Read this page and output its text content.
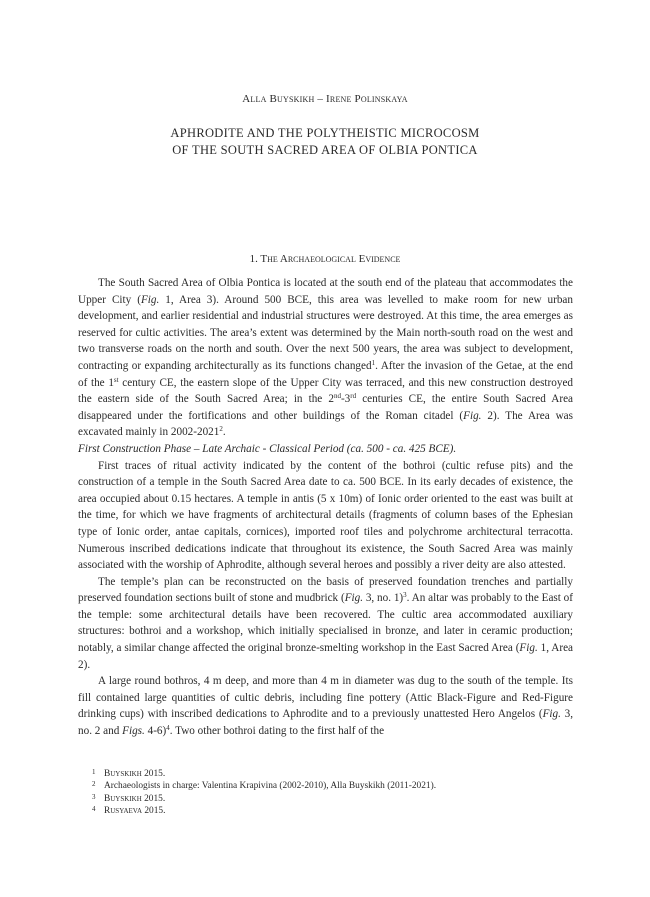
Alla Buyskikh – Irene Polinskaya
APHRODITE AND THE POLYTHEISTIC MICROCOSM
OF THE SOUTH SACRED AREA OF OLBIA PONTICA
1. The Archaeological Evidence

The South Sacred Area of Olbia Pontica is located at the south end of the plateau that accommodates the Upper City (Fig. 1, Area 3). Around 500 BCE, this area was levelled to make room for new urban development, and earlier residential and industrial structures were destroyed. At this time, the area emerges as reserved for cultic activities. The area’s extent was determined by the Main north-south road on the west and two transverse roads on the north and south. Over the next 500 years, the area was subject to development, contracting or expanding architecturally as its functions changed$^1$. After the invasion of the Getae, at the end of the 1st century CE, the eastern slope of the Upper City was terraced, and this new construction destroyed the eastern side of the South Sacred Area; in the 2nd-3rd centuries CE, the entire South Sacred Area disappeared under the fortifications and other buildings of the Roman citadel (Fig. 2). The Area was excavated mainly in 2002-2021$^2$.

First Construction Phase – Late Archaic - Classical Period (ca. 500 - ca. 425 BCE).

First traces of ritual activity indicated by the content of the bothroi (cultic refuse pits) and the construction of a temple in the South Sacred Area date to ca. 500 BCE. In its early decades of existence, the area occupied about 0.15 hectares. A temple in antis (5 x 10m) of Ionic order oriented to the east was built at the time, for which we have fragments of architectural details (fragments of column bases of the Ephesian type of Ionic order, antae capitals, cornices), imported roof tiles and polychrome architectural terracotta. Numerous inscribed dedications indicate that throughout its existence, the South Sacred Area was mainly associated with the worship of Aphrodite, although several heroes and possibly a river deity are also attested.

The temple’s plan can be reconstructed on the basis of preserved foundation trenches and partially preserved foundation sections built of stone and mudbrick (Fig. 3, no. 1)$^3$. An altar was probably to the East of the temple: some architectural details have been recovered. The cultic area accommodated auxiliary structures: bothroi and a workshop, which initially specialised in bronze, and later in ceramic production; notably, a similar change affected the original bronze-smelting workshop in the East Sacred Area (Fig. 1, Area 2).

A large round bothros, 4 m deep, and more than 4 m in diameter was dug to the south of the temple. Its fill contained large quantities of cultic debris, including fine pottery (Attic Black-Figure and Red-Figure drinking cups) with inscribed dedications to Aphrodite and to a previously unattested Hero Angelos (Fig. 3, no. 2 and Figs. 4-6)$^4$. Two other bothroi dating to the first half of the

1 Buyskikh 2015.
2 Archaeologists in charge: Valentina Krapivina (2002-2010), Alla Buyskikh (2011-2021).
3 Buyskikh 2015.
4 Rusyaeva 2015.
